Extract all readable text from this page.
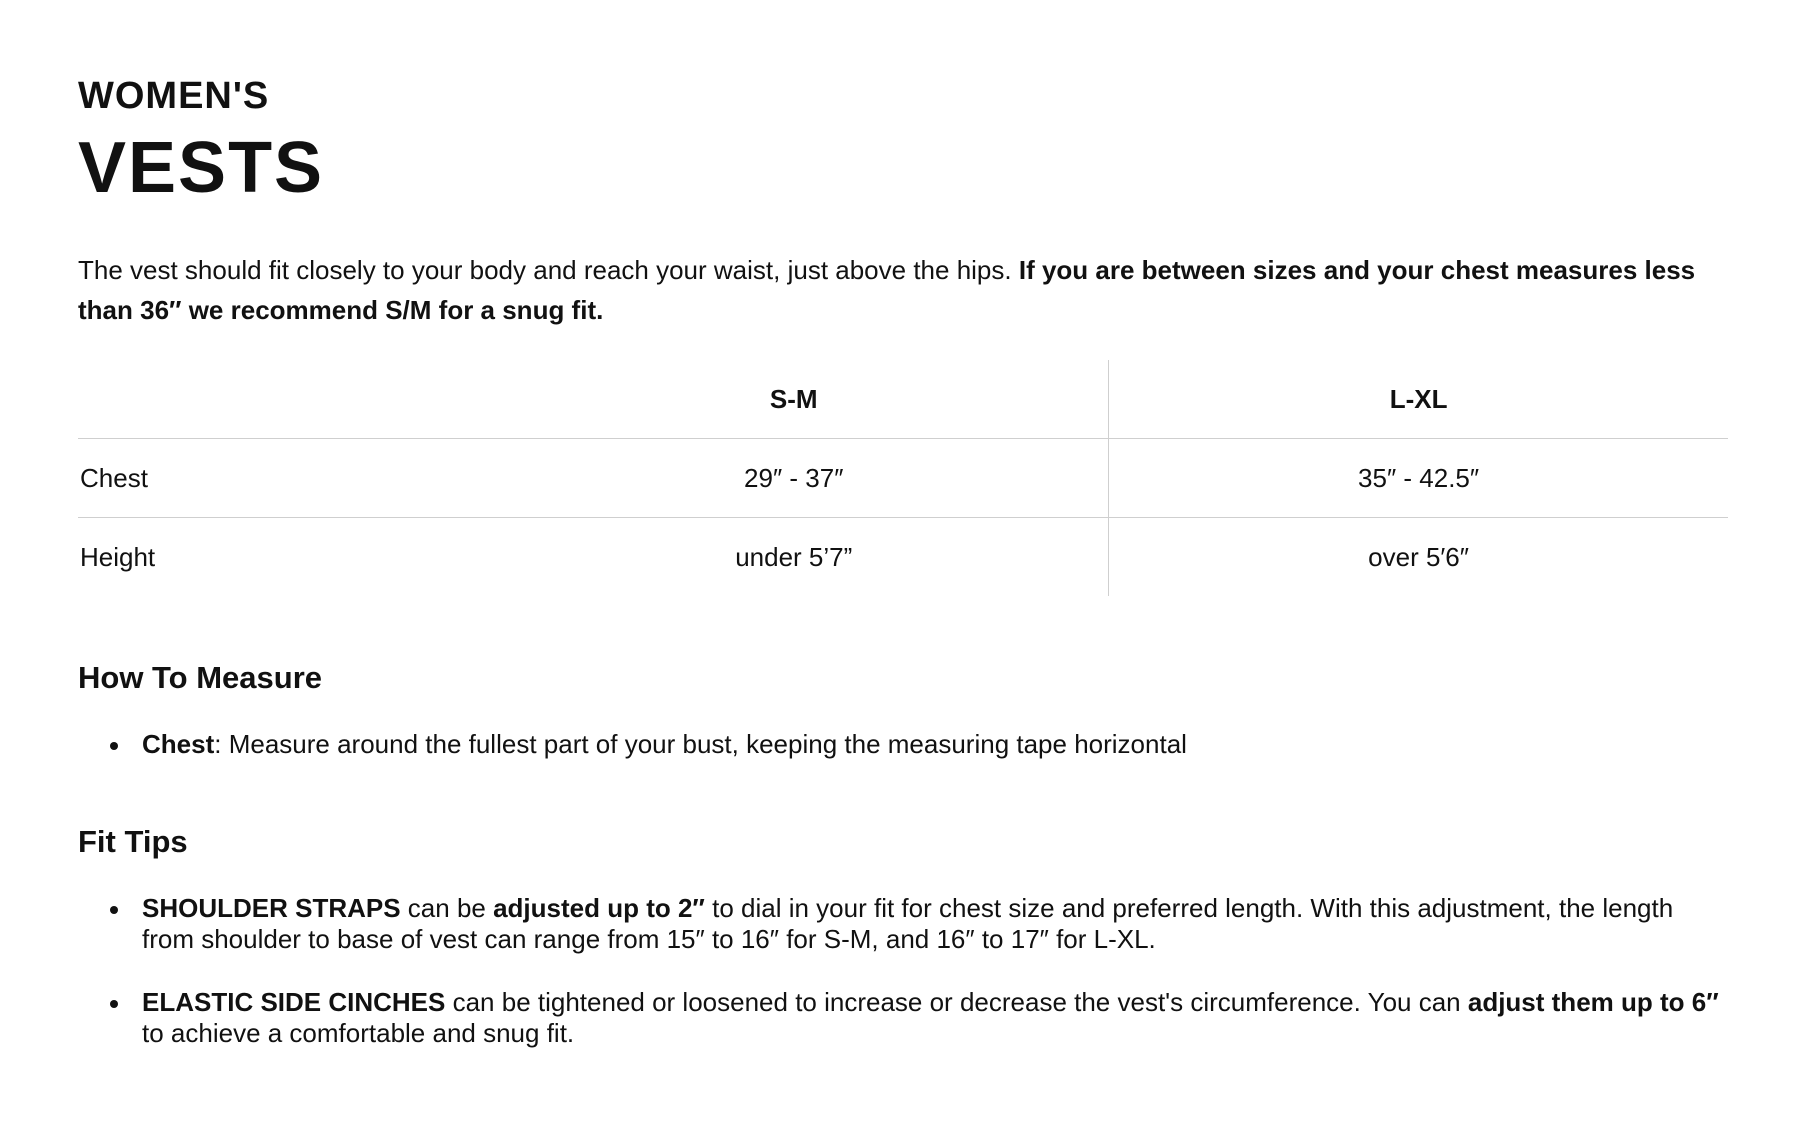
WOMEN'S
VESTS

The vest should fit closely to your body and reach your waist, just above the hips. If you are between sizes and your chest measures less than 36″ we recommend S/M for a snug fit.

	S-M	L-XL
Chest	29″ - 37″	35″ - 42.5″
Height	under 5’7”	over 5′6″
How To Measure
Chest: Measure around the fullest part of your bust, keeping the measuring tape horizontal
Fit Tips
SHOULDER STRAPS can be adjusted up to 2″ to dial in your fit for chest size and preferred length. With this adjustment, the length from shoulder to base of vest can range from 15″ to 16″ for S-M, and 16″ to 17″ for L-XL.
ELASTIC SIDE CINCHES can be tightened or loosened to increase or decrease the vest's circumference. You can adjust them up to 6″ to achieve a comfortable and snug fit.
